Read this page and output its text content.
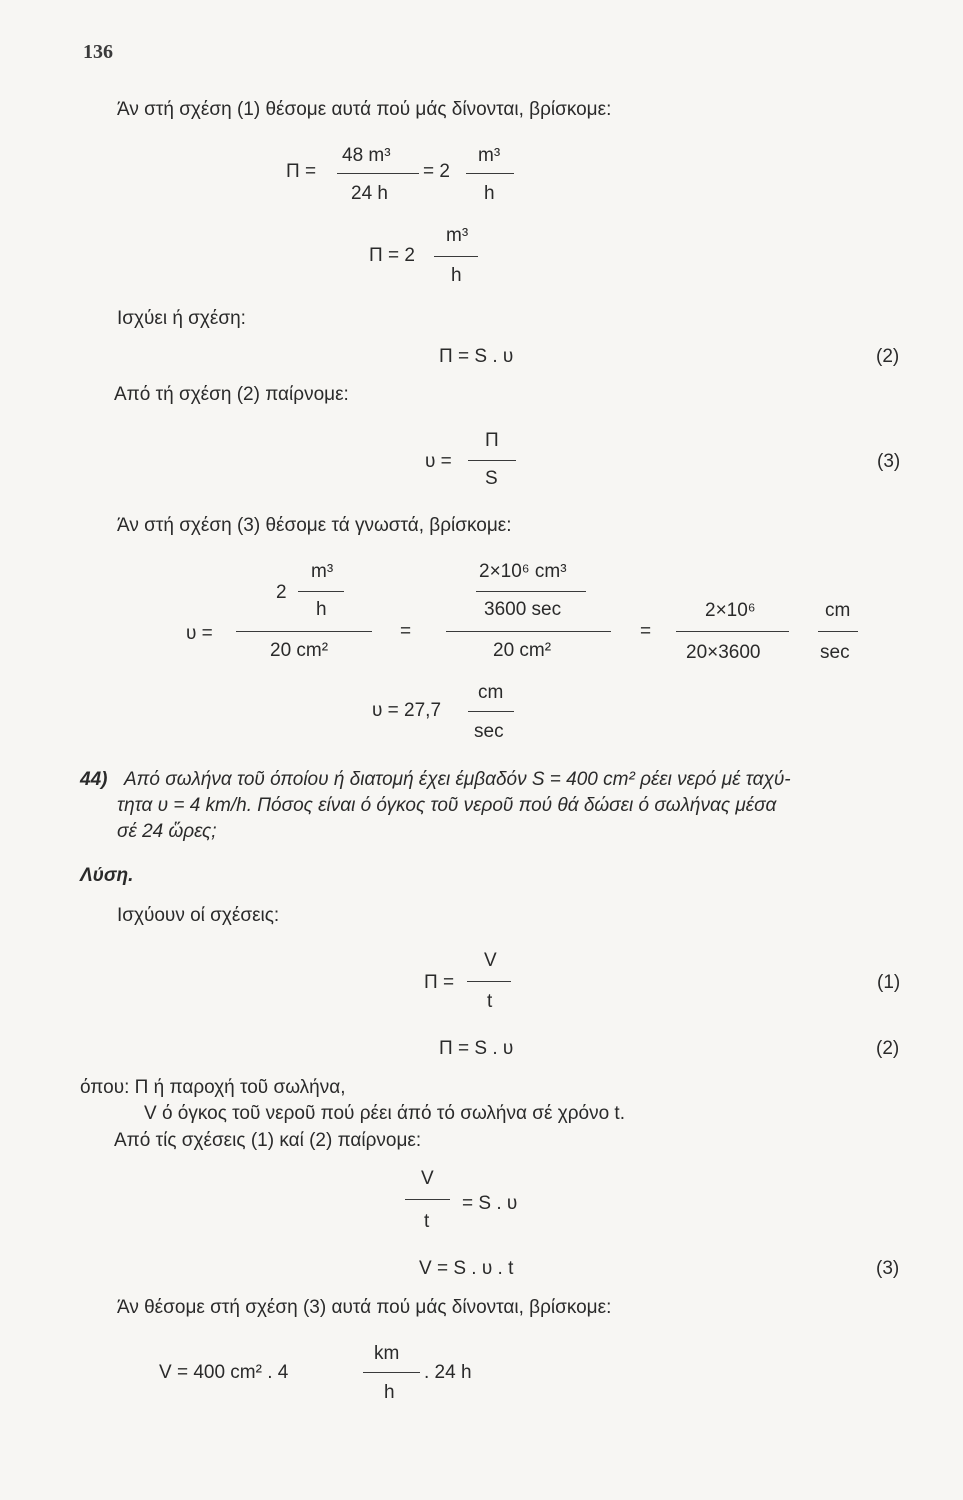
136
Άν στή σχέση (1) θέσομε αυτά πού μάς δίνονται, βρίσκομε:
Π =
48 m³
24 h
= 2
m³
h
Π = 2
m³
h
Ισχύει ή σχέση:
Π = S . υ	(2)
Από τή σχέση (2) παίρνομε:
υ =
Π
S
(3)
Άν στή σχέση (3) θέσομε τά γνωστά, βρίσκομε:
υ =
2
m³
h
20 cm²
=
2×10⁶ cm³
3600 sec
20 cm²
=
2×10⁶
20×3600
cm
sec
υ = 27,7
cm
sec
44) Από σωλήνα τοῦ όποίου ή διατομή έχει έμβαδόν S = 400 cm² ρέει νερό μέ ταχύ-
τητα υ = 4 km/h. Πόσος είναι ό όγκος τοῦ νεροῦ πού θά δώσει ό σωλήνας μέσα
σέ 24 ὥρες;
Λύση.
Ισχύουν οί σχέσεις:
Π =
V
t
(1)
Π = S . υ	(2)
όπου: Π ή παροχή τοῦ σωλήνα,
V ό όγκος τοῦ νεροῦ πού ρέει άπό τό σωλήνα σέ χρόνο t.
Από τίς σχέσεις (1) καί (2) παίρνομε:
V
t
= S . υ
V = S . υ . t	(3)
Άν θέσομε στή σχέση (3) αυτά πού μάς δίνονται, βρίσκομε:
V = 400 cm² . 4
km
h
. 24 h
